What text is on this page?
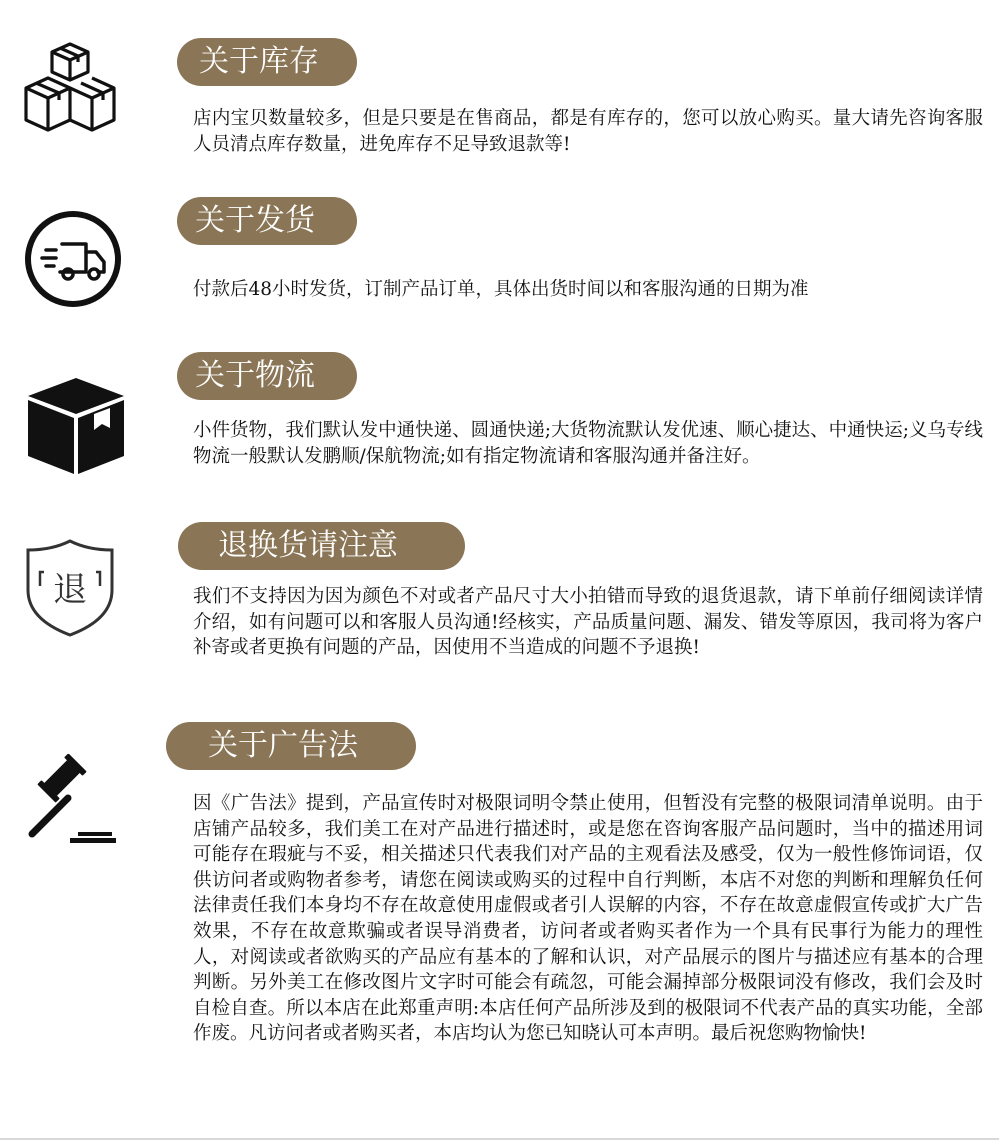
关于库存

店内宝贝数量较多，但是只要是在售商品，都是有库存的，您可以放心购买。量大请先咨询客服人员清点库存数量，进免库存不足导致退款等!

关于发货

付款后48小时发货，订制产品订单，具体出货时间以和客服沟通的日期为准

关于物流

小件货物，我们默认发中通快递、圆通快递;大货物流默认发优速、顺心捷达、中通快运;义乌专线物流一般默认发鹏顺/保航物流;如有指定物流请和客服沟通并备注好。

退
退换货请注意

我们不支持因为因为颜色不对或者产品尺寸大小拍错而导致的退货退款，请下单前仔细阅读详情介绍，如有问题可以和客服人员沟通!经核实，产品质量问题、漏发、错发等原因，我司将为客户补寄或者更换有问题的产品，因使用不当造成的问题不予退换!

关于广告法

因《广告法》提到，产品宣传时对极限词明令禁止使用，但暂没有完整的极限词清单说明。由于店铺产品较多，我们美工在对产品进行描述时，或是您在咨询客服产品问题时，当中的描述用词可能存在瑕疵与不妥，相关描述只代表我们对产品的主观看法及感受，仅为一般性修饰词语，仅供访问者或购物者参考，请您在阅读或购买的过程中自行判断，本店不对您的判断和理解负任何法律责任我们本身均不存在故意使用虚假或者引人误解的内容，不存在故意虚假宣传或扩大广告效果，不存在故意欺骗或者误导消费者，访问者或者购买者作为一个具有民事行为能力的理性人，对阅读或者欲购买的产品应有基本的了解和认识，对产品展示的图片与描述应有基本的合理判断。另外美工在修改图片文字时可能会有疏忽，可能会漏掉部分极限词没有修改，我们会及时自检自查。所以本店在此郑重声明:本店任何产品所涉及到的极限词不代表产品的真实功能，全部作废。凡访问者或者购买者，本店均认为您已知晓认可本声明。最后祝您购物愉快!
